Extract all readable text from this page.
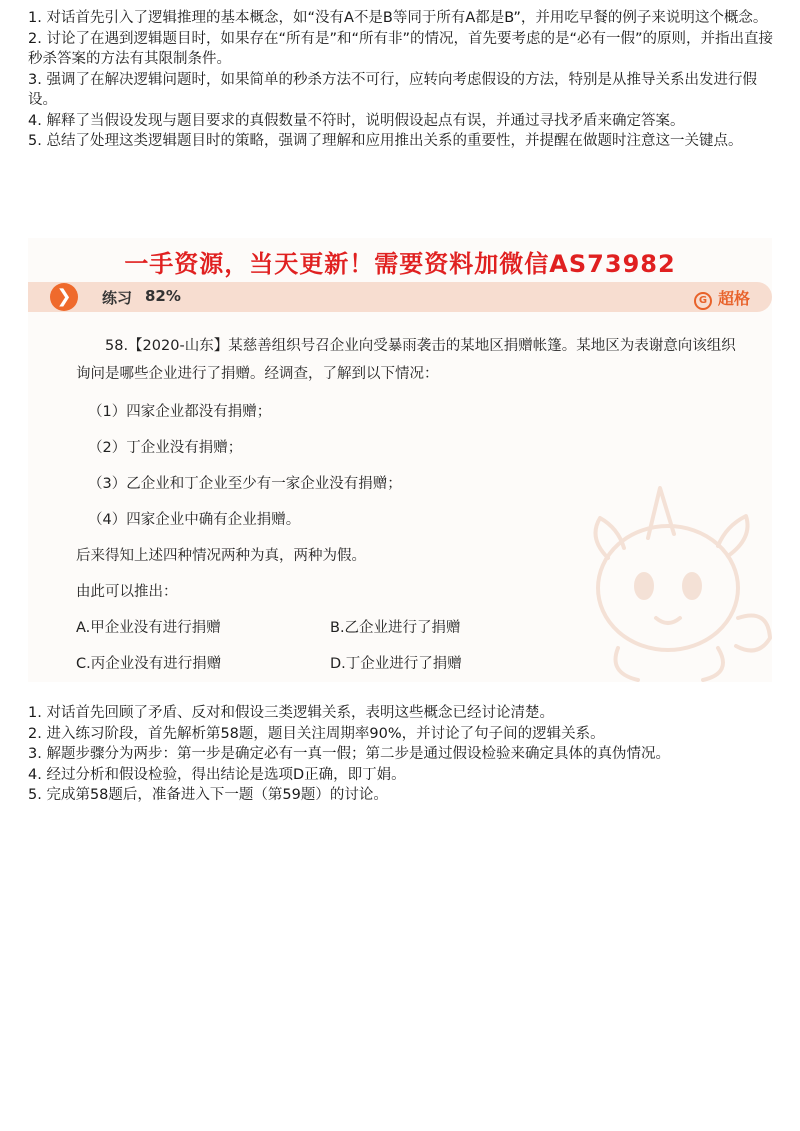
1. 对话首先引入了逻辑推理的基本概念，如“没有A不是B等同于所有A都是B”，并用吃早餐的例子来说明这个概念。

2. 讨论了在遇到逻辑题目时，如果存在“所有是”和“所有非”的情况，首先要考虑的是“必有一假”的原则，并指出直接秒杀答案的方法有其限制条件。

3. 强调了在解决逻辑问题时，如果简单的秒杀方法不可行，应转向考虑假设的方法，特别是从推导关系出发进行假设。

4. 解释了当假设发现与题目要求的真假数量不符时，说明假设起点有误，并通过寻找矛盾来确定答案。

5. 总结了处理这类逻辑题目时的策略，强调了理解和应用推出关系的重要性，并提醒在做题时注意这一关键点。

一手资源，当天更新！需要资料加微信AS73982
❯	练习 82%	G 超格

58.【2020-山东】某慈善组织号召企业向受暴雨袭击的某地区捐赠帐篷。某地区为表谢意向该组织询问是哪些企业进行了捐赠。经调查，了解到以下情况：

（1）四家企业都没有捐赠；

（2）丁企业没有捐赠；

（3）乙企业和丁企业至少有一家企业没有捐赠；

（4）四家企业中确有企业捐赠。

后来得知上述四种情况两种为真，两种为假。

由此可以推出：

A.甲企业没有进行捐赠	B.乙企业进行了捐赠
C.丙企业没有进行捐赠	D.丁企业进行了捐赠

1. 对话首先回顾了矛盾、反对和假设三类逻辑关系，表明这些概念已经讨论清楚。

2. 进入练习阶段，首先解析第58题，题目关注周期率90%，并讨论了句子间的逻辑关系。

3. 解题步骤分为两步：第一步是确定必有一真一假；第二步是通过假设检验来确定具体的真伪情况。

4. 经过分析和假设检验，得出结论是选项D正确，即丁娟。

5. 完成第58题后，准备进入下一题（第59题）的讨论。
